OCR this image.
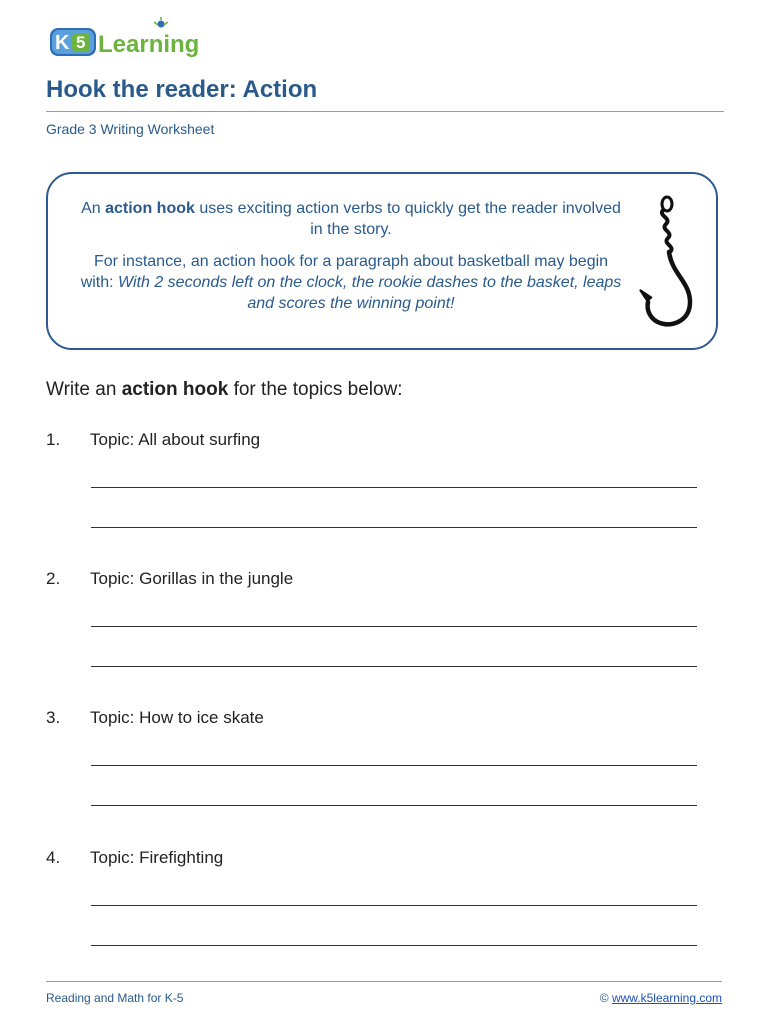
K 5 Learning
Hook the reader: Action
Grade 3 Writing Worksheet

An action hook uses exciting action verbs to quickly get the reader involved in the story.

For instance, an action hook for a paragraph about basketball may begin with: With 2 seconds left on the clock, the rookie dashes to the basket, leaps and scores the winning point!

Write an action hook for the topics below:
1. Topic: All about surfing
2. Topic: Gorillas in the jungle
3. Topic: How to ice skate
4. Topic: Firefighting
Reading and Math for K-5	© www.k5learning.com
